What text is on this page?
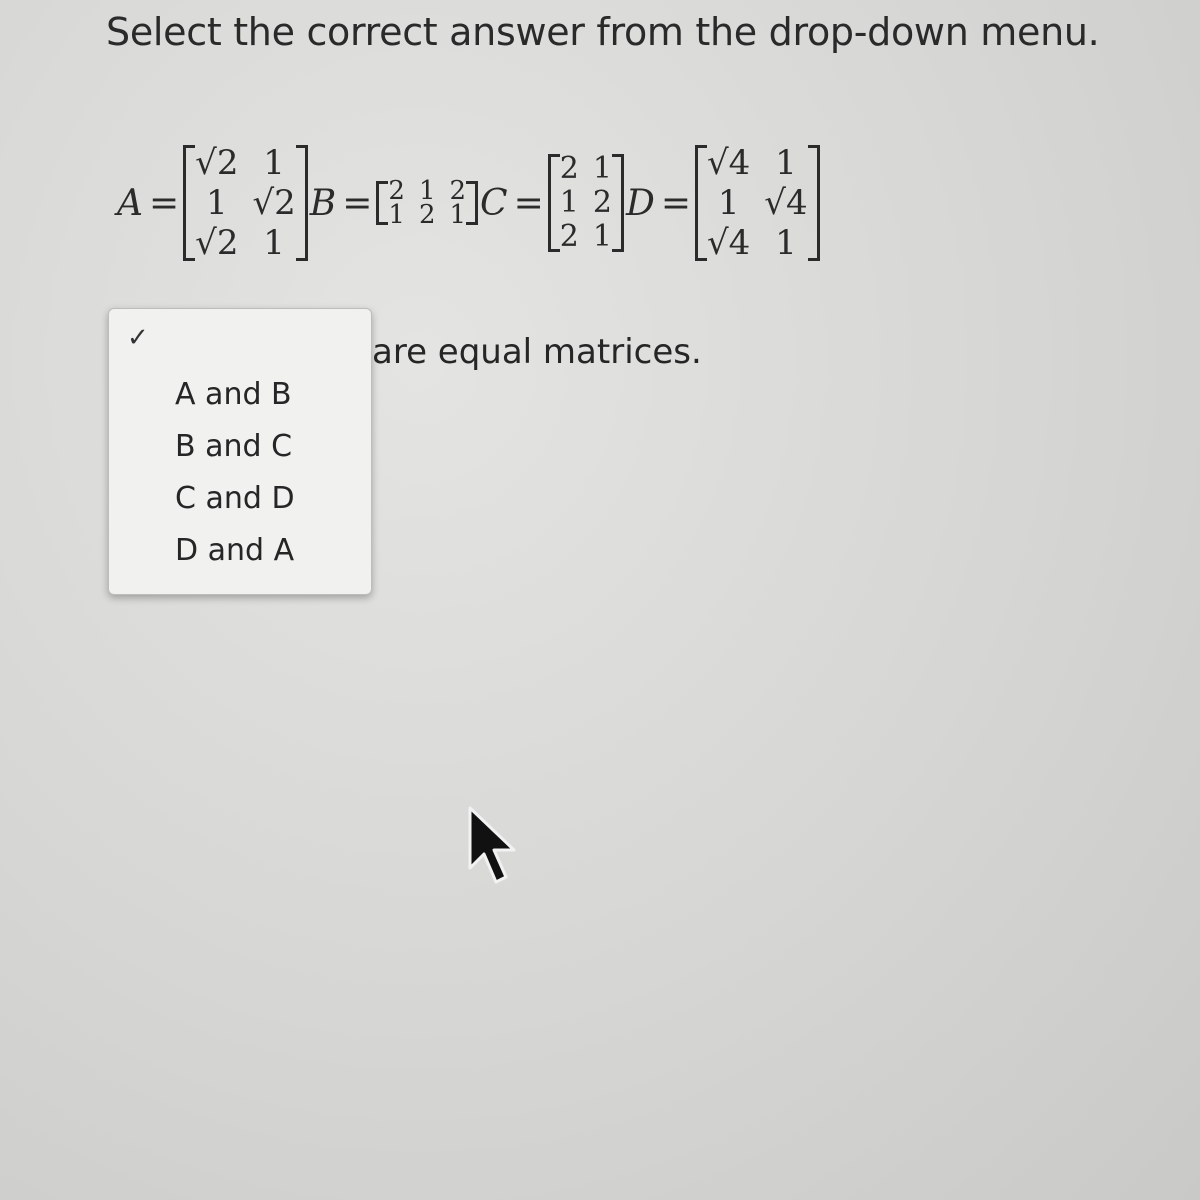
Select the correct answer from the drop-down menu.
A =
√2 1
1 √2
√2 1
B = 2 1 2
1 2 1 C =
2 1
1 2
2 1
D =
√4 1
1 √4
√4 1
are equal matrices.
✓
A and B
B and C
C and D
D and A
